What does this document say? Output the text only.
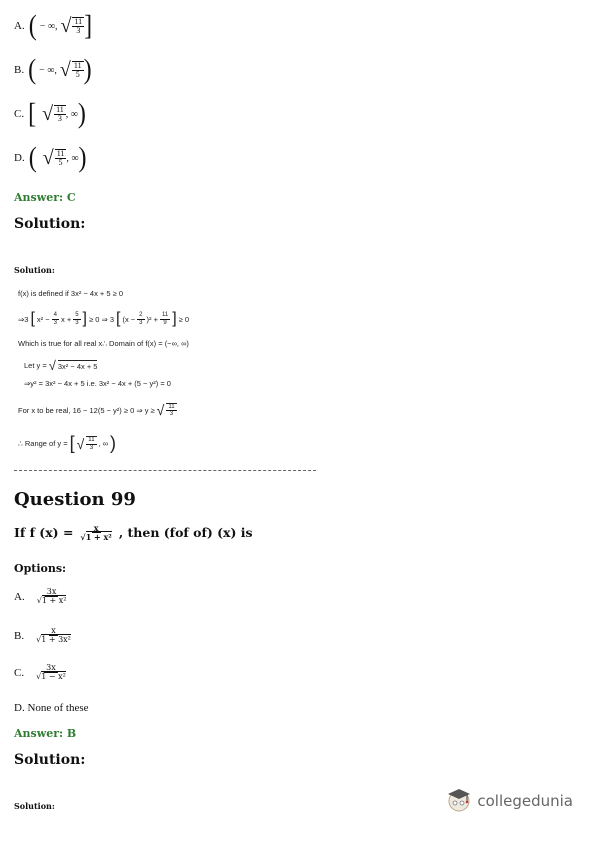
A. ( − ∞, √ $\frac{11}{3}$ ]
B. ( − ∞, √ $\frac{11}{5}$ )
C. [ √ $\frac{11}{3}$ , ∞ )
D. ( √ $\frac{11}{5}$ , ∞ )
Answer: C
Solution:
Solution:
f(x) is defined if 3x² − 4x + 5 ≥ 0
⇒3 [ $x^2 - \frac{4}{3}$ $x + \frac{5}{3}$ ] ≥ 0 ⇒ 3 [ $(x - \frac{2}{3} )^2 + \frac{11}{9}$ ] ≥ 0
Which is true for all real x∴ Domain of f(x) = (−∞, ∞)
Let y = √ 3x² − 4x + 5
⇒y² = 3x² − 4x + 5 i.e. 3x² − 4x + (5 − y²) = 0
For x to be real, 16 − 12(5 − y²) ≥ 0 ⇒ y ≥ √ $\frac{11}{3}$
∴ Range of y = [ √ $\frac{11}{3}$ , ∞ )
Question 99
If f $(x) = \frac{x}{\text{√1 + x²}}$ , then (fof of) (x) is
Options:
A. $\frac{3x}{\text{√1 + x²}}$
B. $\frac{x}{\text{√1 + 3x²}}$
C. $\frac{3x}{\text{√1 − x²}}$
D. None of these
Answer: B
Solution:
Solution:	collegedunia
